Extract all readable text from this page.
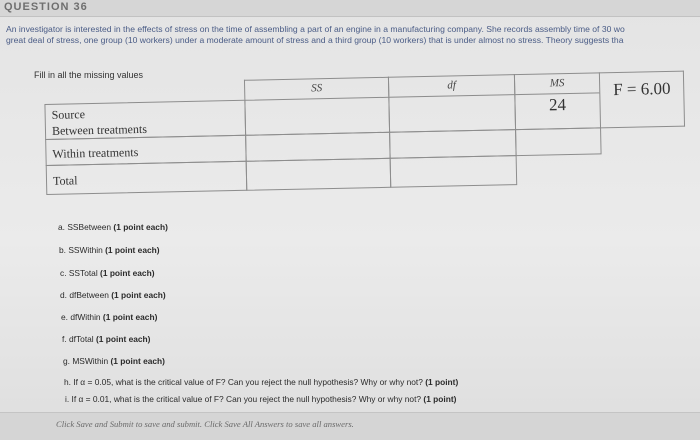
QUESTION 36
An investigator is interested in the effects of stress on the time of assembling a part of an engine in a manufacturing company. She records assembly time of 30 wo
great deal of stress, one group (10 workers) under a moderate amount of stress and a third group (10 workers) that is under almost no stress. Theory suggests tha
Fill in all the missing values
SS	df	MS
Source
Between treatments
24
F = 6.00
Within treatments
Total
a. SSBetween (1 point each)
b. SSWithin (1 point each)
c. SSTotal (1 point each)
d. dfBetween (1 point each)
e. dfWithin (1 point each)
f. dfTotal (1 point each)
g. MSWithin (1 point each)
h. If α = 0.05, what is the critical value of F? Can you reject the null hypothesis? Why or why not? (1 point)
i. If α = 0.01, what is the critical value of F? Can you reject the null hypothesis? Why or why not? (1 point)
Click Save and Submit to save and submit. Click Save All Answers to save all answers.
